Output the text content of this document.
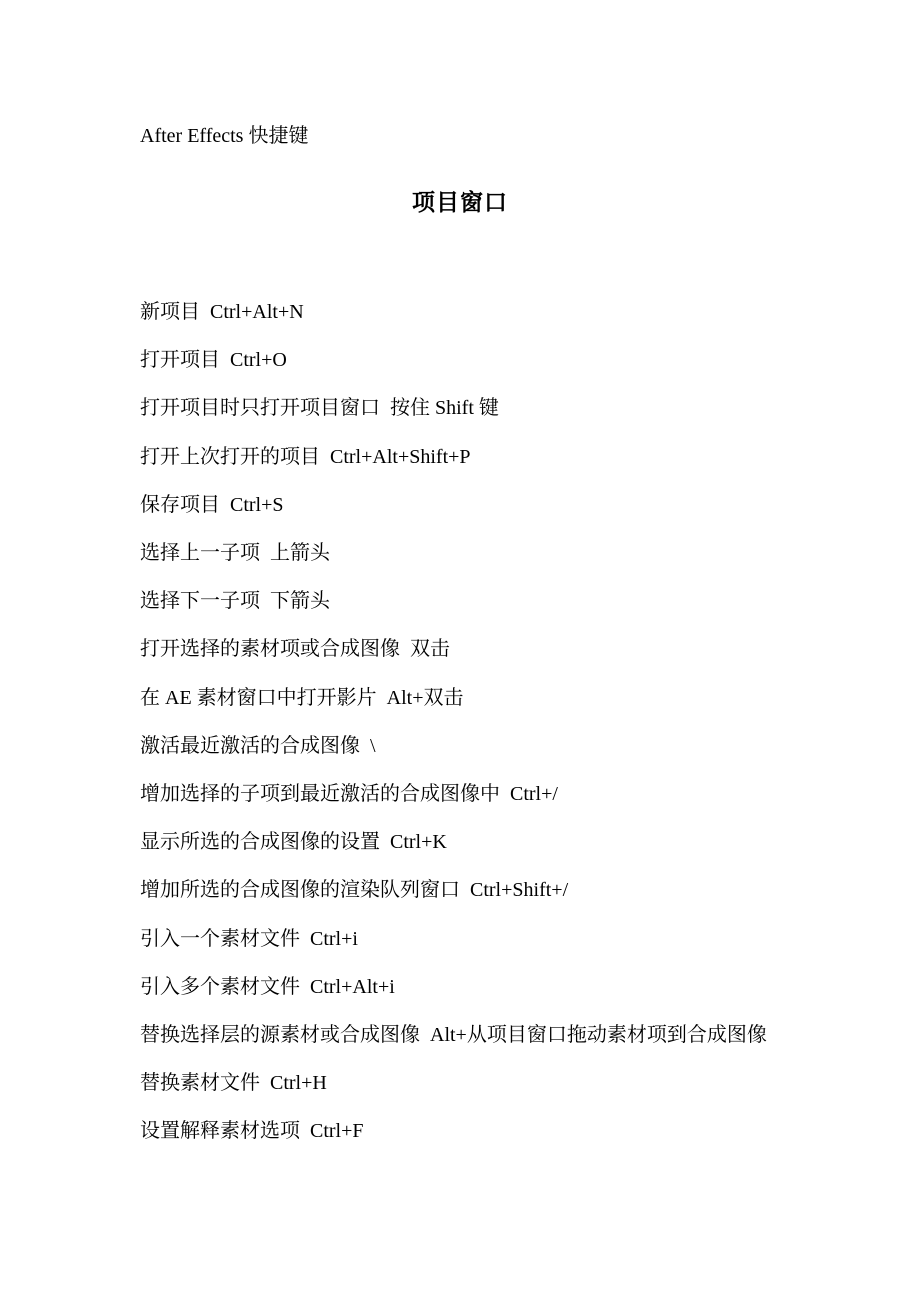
After Effects 快捷键
项目窗口
新项目 Ctrl+Alt+N
打开项目 Ctrl+O
打开项目时只打开项目窗口 按住 Shift 键
打开上次打开的项目 Ctrl+Alt+Shift+P
保存项目 Ctrl+S
选择上一子项 上箭头
选择下一子项 下箭头
打开选择的素材项或合成图像 双击
在 AE 素材窗口中打开影片 Alt+双击
激活最近激活的合成图像 \
增加选择的子项到最近激活的合成图像中 Ctrl+/
显示所选的合成图像的设置 Ctrl+K
增加所选的合成图像的渲染队列窗口 Ctrl+Shift+/
引入一个素材文件 Ctrl+i
引入多个素材文件 Ctrl+Alt+i
替换选择层的源素材或合成图像 Alt+从项目窗口拖动素材项到合成图像
替换素材文件 Ctrl+H
设置解释素材选项 Ctrl+F
